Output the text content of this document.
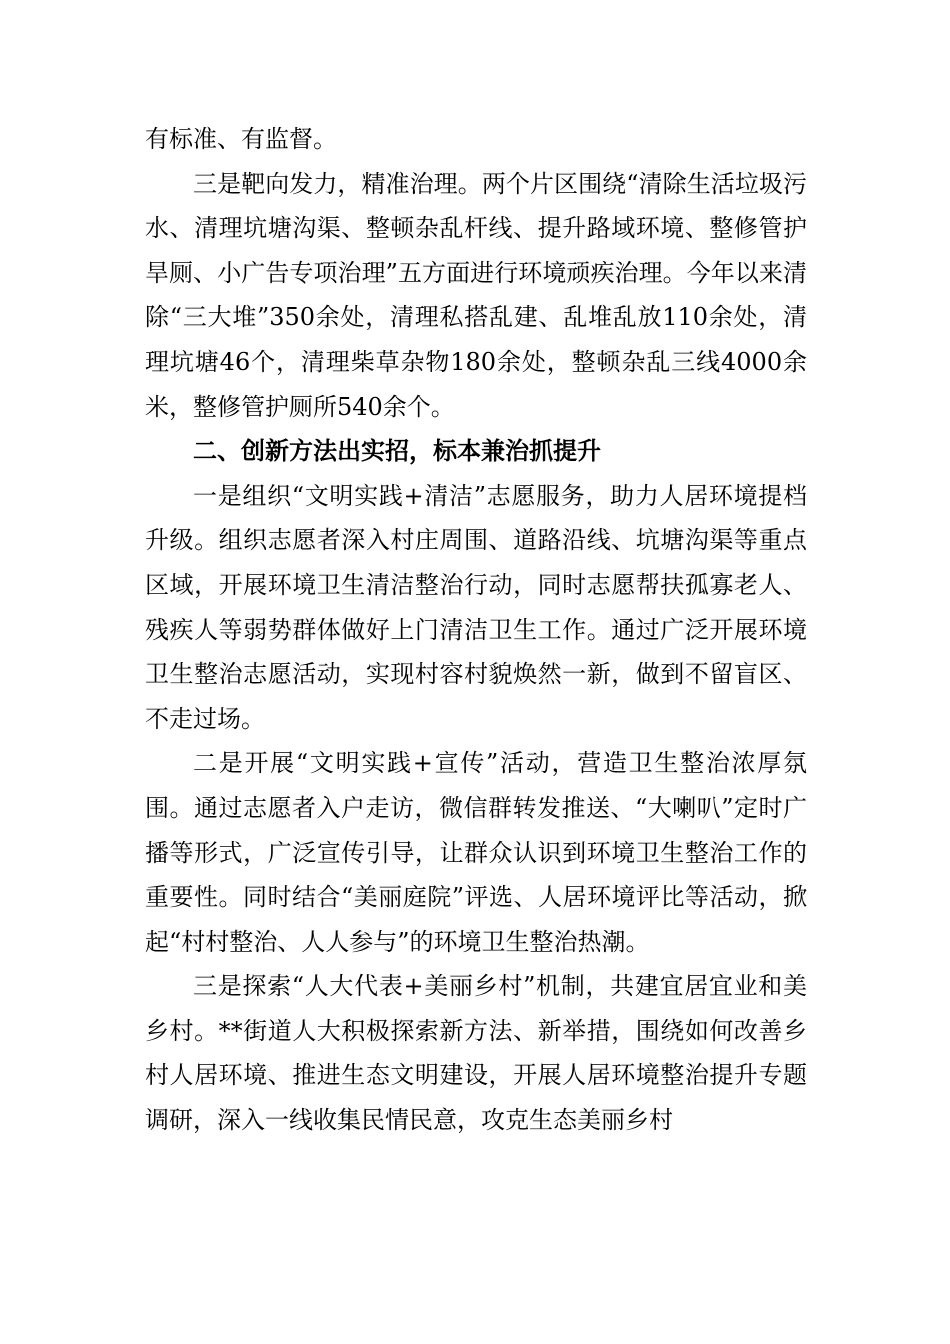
有标准、有监督。

三是靶向发力，精准治理。两个片区围绕“清除生活垃圾污水、清理坑塘沟渠、整顿杂乱杆线、提升路域环境、整修管护旱厕、小广告专项治理”五方面进行环境顽疾治理。今年以来清除“三大堆”350余处，清理私搭乱建、乱堆乱放110余处，清理坑塘46个，清理柴草杂物180余处，整顿杂乱三线4000余米，整修管护厕所540余个。

二、创新方法出实招，标本兼治抓提升

一是组织“文明实践+清洁”志愿服务，助力人居环境提档升级。组织志愿者深入村庄周围、道路沿线、坑塘沟渠等重点区域，开展环境卫生清洁整治行动，同时志愿帮扶孤寡老人、残疾人等弱势群体做好上门清洁卫生工作。通过广泛开展环境卫生整治志愿活动，实现村容村貌焕然一新，做到不留盲区、不走过场。

二是开展“文明实践+宣传”活动，营造卫生整治浓厚氛围。通过志愿者入户走访，微信群转发推送、“大喇叭”定时广播等形式，广泛宣传引导，让群众认识到环境卫生整治工作的重要性。同时结合“美丽庭院”评选、人居环境评比等活动，掀起“村村整治、人人参与”的环境卫生整治热潮。

三是探索“人大代表+美丽乡村”机制，共建宜居宜业和美乡村。**街道人大积极探索新方法、新举措，围绕如何改善乡村人居环境、推进生态文明建设，开展人居环境整治提升专题调研，深入一线收集民情民意，攻克生态美丽乡村
